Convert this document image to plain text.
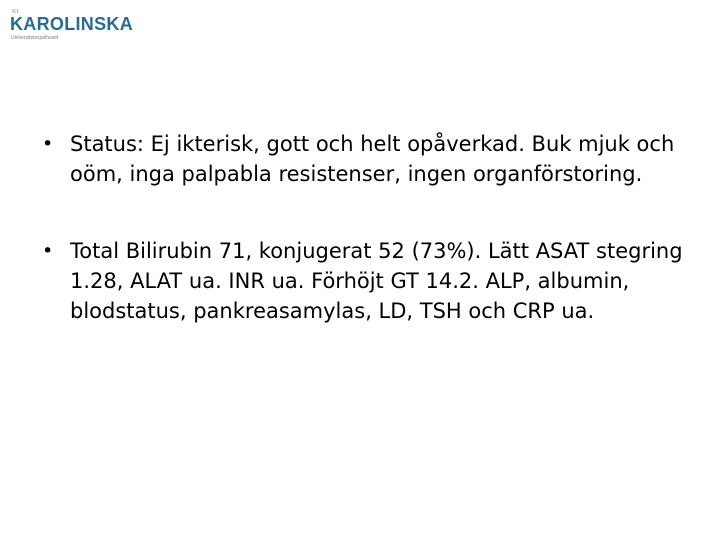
KI
KAROLINSKA
Universitetssjukhuset
• Status: Ej ikterisk, gott och helt opåverkad. Buk mjuk och oöm, inga palpabla resistenser, ingen organförstoring.
• Total Bilirubin 71, konjugerat 52 (73%). Lätt ASAT stegring 1.28, ALAT ua. INR ua. Förhöjt GT 14.2. ALP, albumin, blodstatus, pankreasamylas, LD, TSH och CRP ua.
